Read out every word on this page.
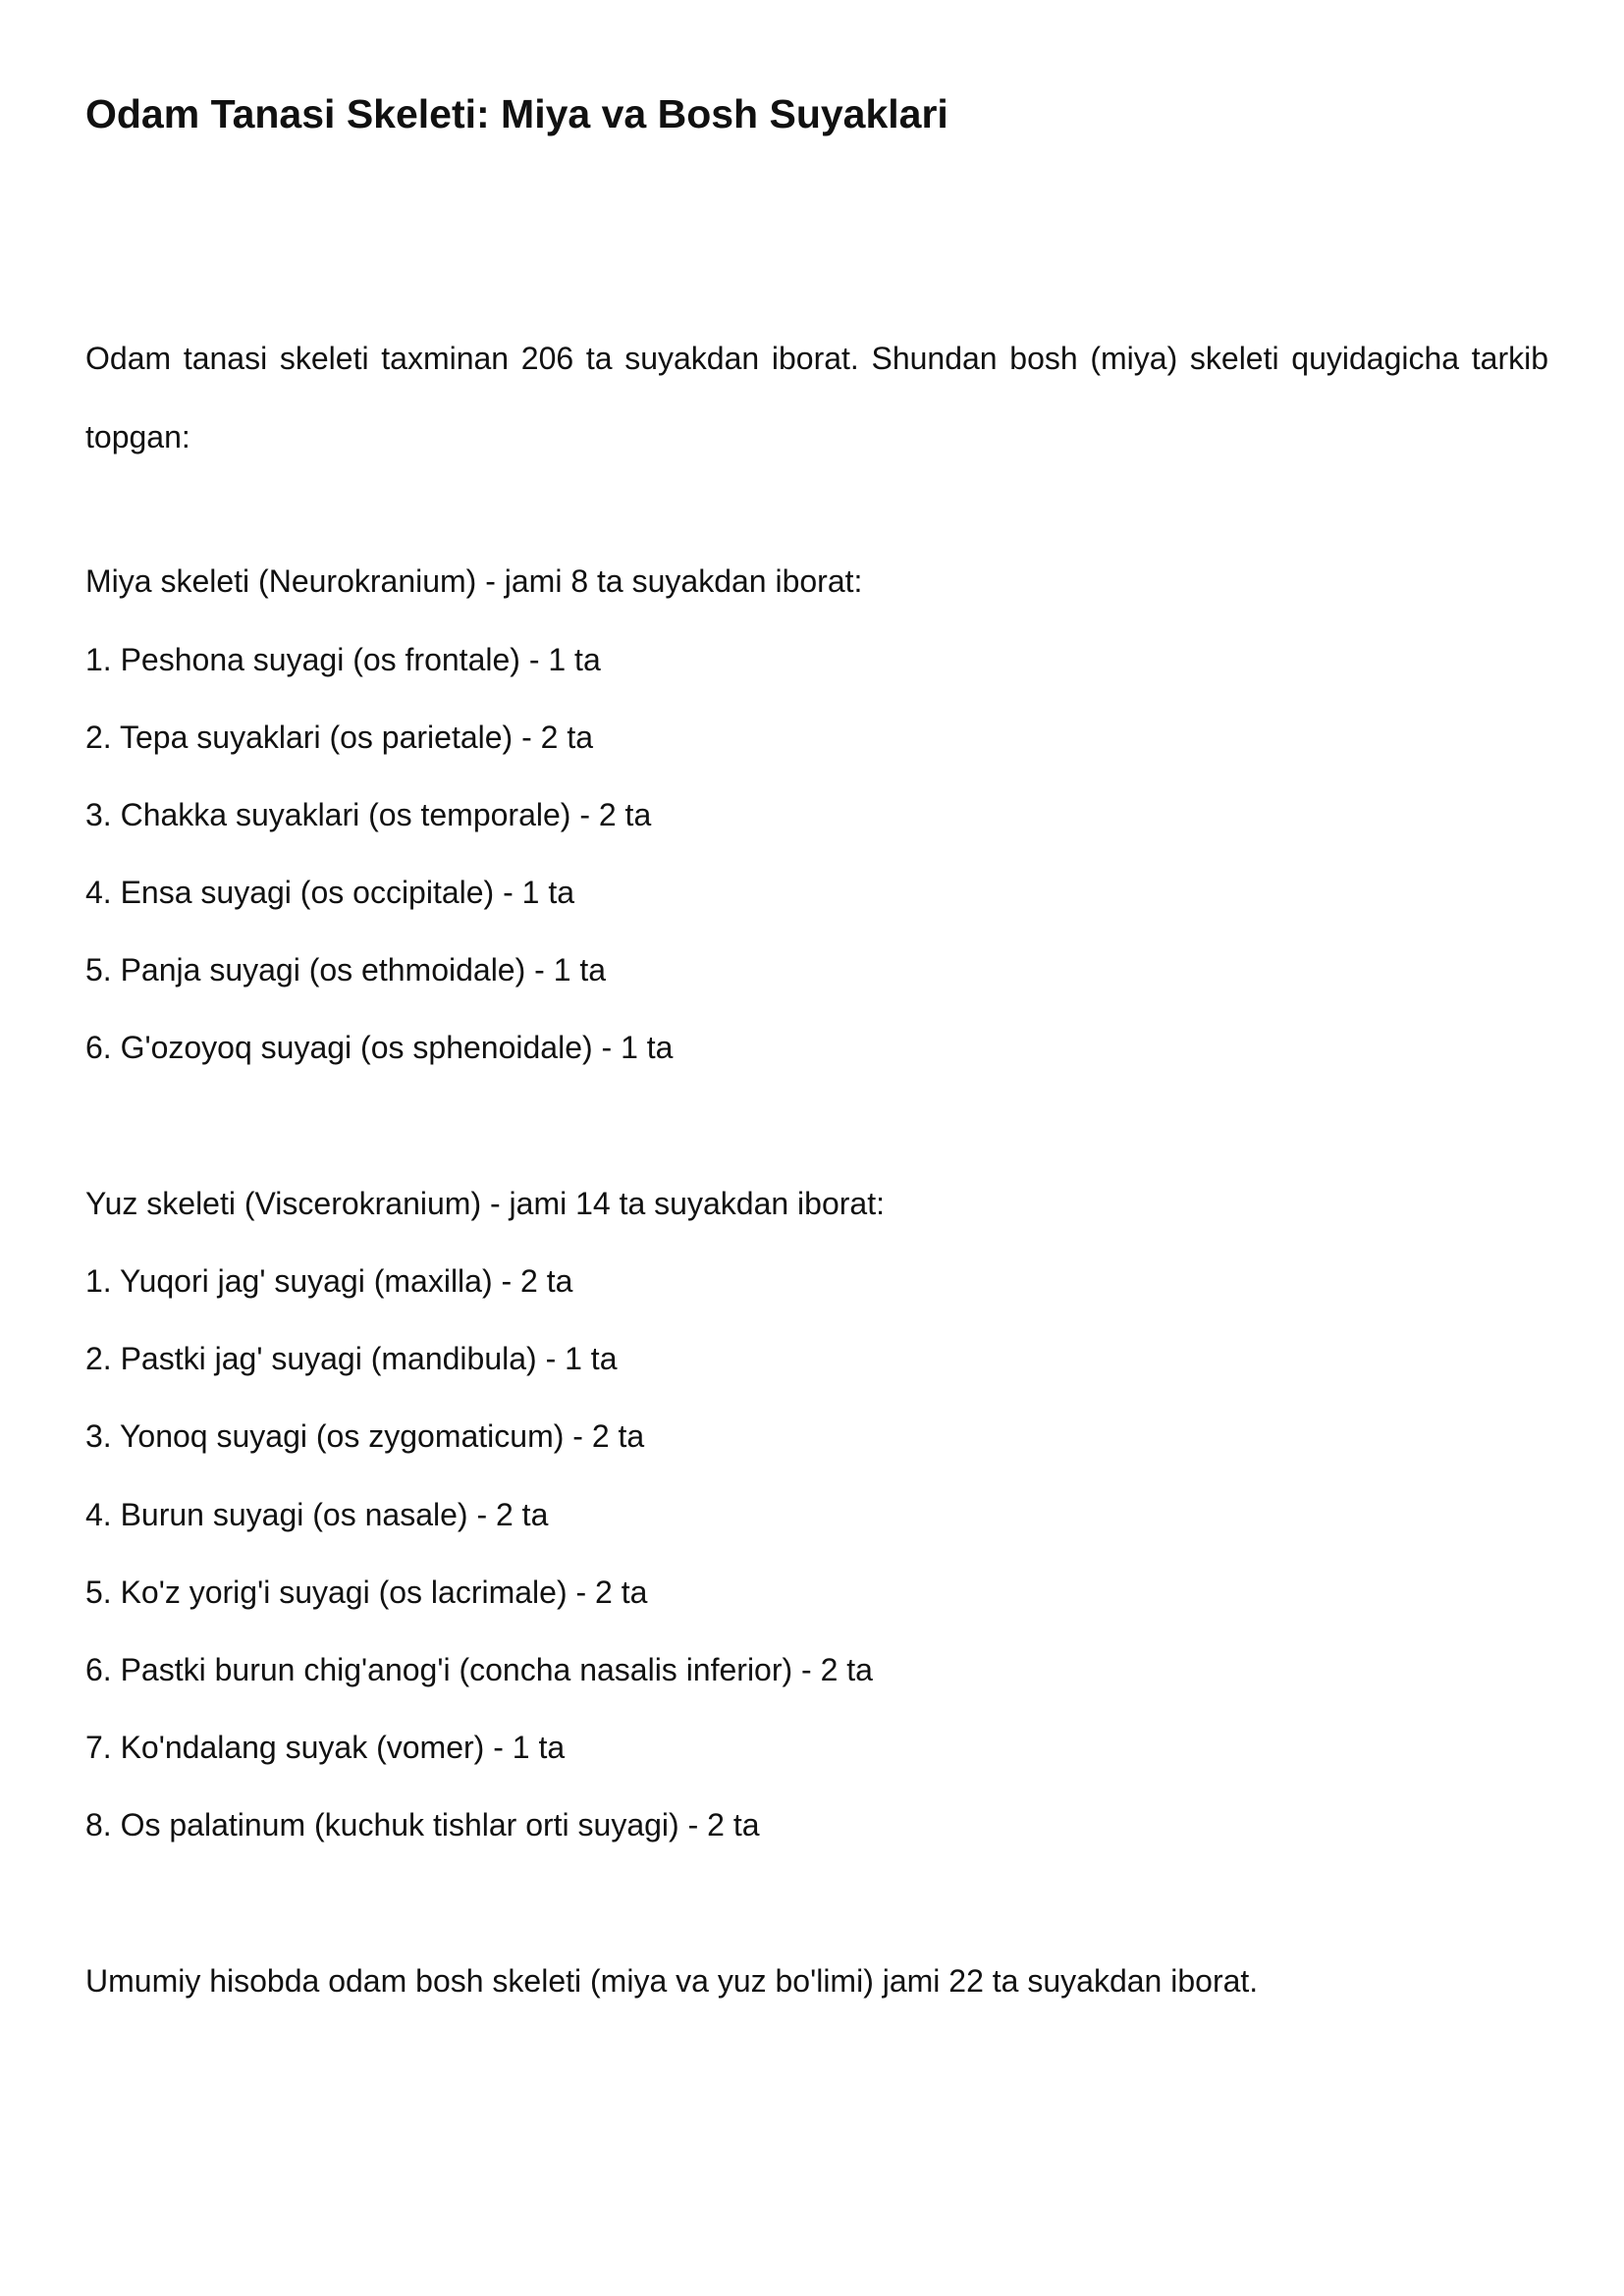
Odam Tanasi Skeleti: Miya va Bosh Suyaklari

Odam tanasi skeleti taxminan 206 ta suyakdan iborat. Shundan bosh (miya) skeleti quyidagicha tarkib topgan:

Miya skeleti (Neurokranium) - jami 8 ta suyakdan iborat:

1. Peshona suyagi (os frontale) - 1 ta

2. Tepa suyaklari (os parietale) - 2 ta

3. Chakka suyaklari (os temporale) - 2 ta

4. Ensa suyagi (os occipitale) - 1 ta

5. Panja suyagi (os ethmoidale) - 1 ta

6. G'ozoyoq suyagi (os sphenoidale) - 1 ta

Yuz skeleti (Viscerokranium) - jami 14 ta suyakdan iborat:

1. Yuqori jag' suyagi (maxilla) - 2 ta

2. Pastki jag' suyagi (mandibula) - 1 ta

3. Yonoq suyagi (os zygomaticum) - 2 ta

4. Burun suyagi (os nasale) - 2 ta

5. Ko'z yorig'i suyagi (os lacrimale) - 2 ta

6. Pastki burun chig'anog'i (concha nasalis inferior) - 2 ta

7. Ko'ndalang suyak (vomer) - 1 ta

8. Os palatinum (kuchuk tishlar orti suyagi) - 2 ta

Umumiy hisobda odam bosh skeleti (miya va yuz bo'limi) jami 22 ta suyakdan iborat.
